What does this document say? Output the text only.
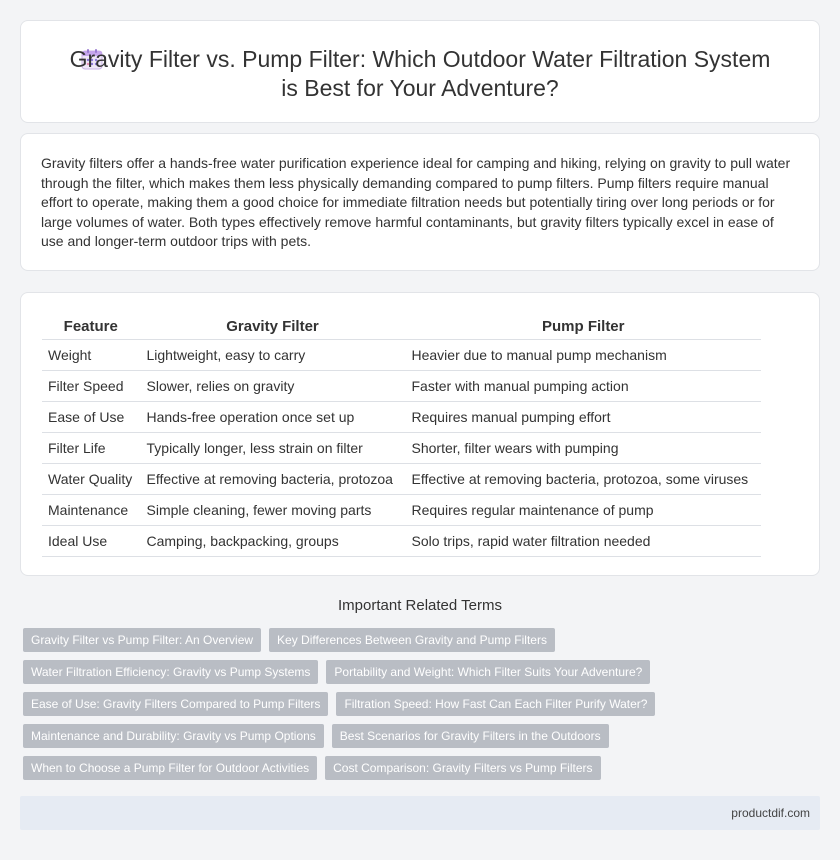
Gravity Filter vs. Pump Filter: Which Outdoor Water Filtration System is Best for Your Adventure?

Gravity filters offer a hands-free water purification experience ideal for camping and hiking, relying on gravity to pull water through the filter, which makes them less physically demanding compared to pump filters. Pump filters require manual effort to operate, making them a good choice for immediate filtration needs but potentially tiring over long periods or for large volumes of water. Both types effectively remove harmful contaminants, but gravity filters typically excel in ease of use and longer-term outdoor trips with pets.

Feature	Gravity Filter	Pump Filter
Weight	Lightweight, easy to carry	Heavier due to manual pump mechanism
Filter Speed	Slower, relies on gravity	Faster with manual pumping action
Ease of Use	Hands-free operation once set up	Requires manual pumping effort
Filter Life	Typically longer, less strain on filter	Shorter, filter wears with pumping
Water Quality	Effective at removing bacteria, protozoa	Effective at removing bacteria, protozoa, some viruses
Maintenance	Simple cleaning, fewer moving parts	Requires regular maintenance of pump
Ideal Use	Camping, backpacking, groups	Solo trips, rapid water filtration needed
Important Related Terms
Gravity Filter vs Pump Filter: An Overview	Key Differences Between Gravity and Pump Filters
Water Filtration Efficiency: Gravity vs Pump Systems	Portability and Weight: Which Filter Suits Your Adventure?
Ease of Use: Gravity Filters Compared to Pump Filters	Filtration Speed: How Fast Can Each Filter Purify Water?
Maintenance and Durability: Gravity vs Pump Options	Best Scenarios for Gravity Filters in the Outdoors
When to Choose a Pump Filter for Outdoor Activities	Cost Comparison: Gravity Filters vs Pump Filters
productdif.com
